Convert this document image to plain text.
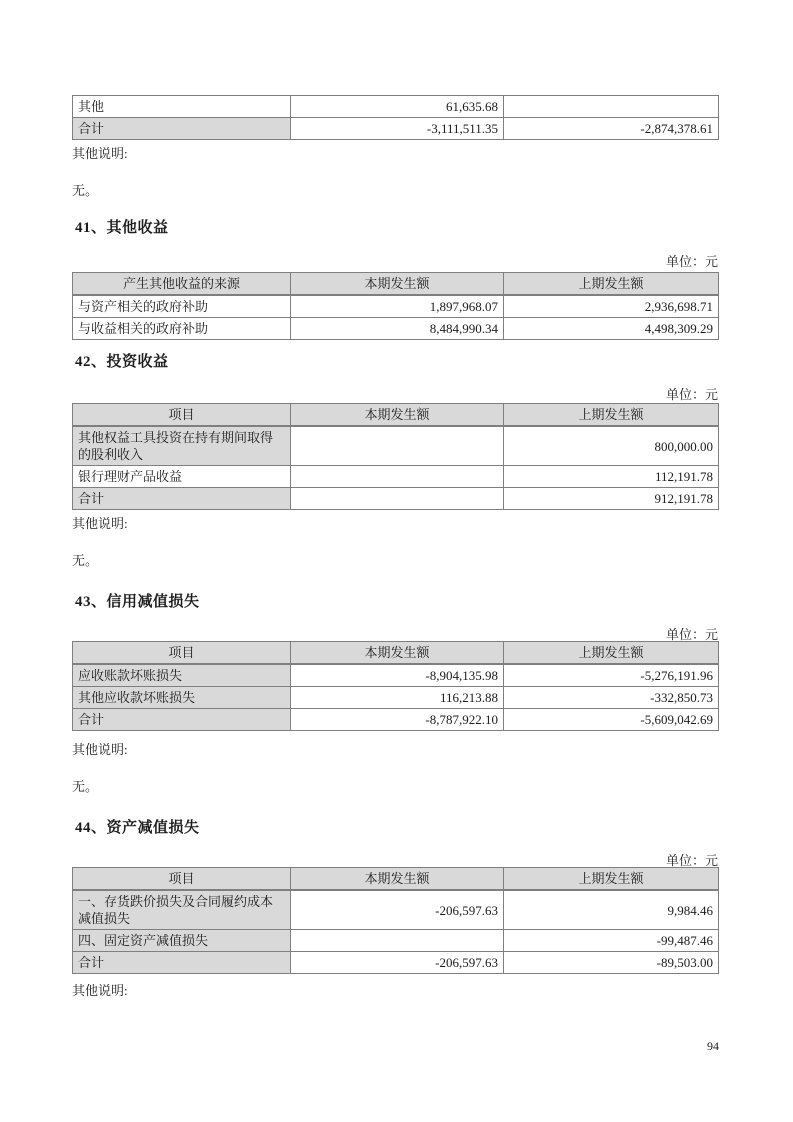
其他	61,635.68	
合计	-3,111,511.35	-2,874,378.61
其他说明:
无。
41、其他收益
单位：元
产生其他收益的来源	本期发生额	上期发生额
与资产相关的政府补助	1,897,968.07	2,936,698.71
与收益相关的政府补助	8,484,990.34	4,498,309.29
42、投资收益
单位：元
项目	本期发生额	上期发生额
其他权益工具投资在持有期间取得的股利收入		800,000.00
银行理财产品收益		112,191.78
合计		912,191.78
其他说明:
无。
43、信用减值损失
单位：元
项目	本期发生额	上期发生额
应收账款坏账损失	-8,904,135.98	-5,276,191.96
其他应收款坏账损失	116,213.88	-332,850.73
合计	-8,787,922.10	-5,609,042.69
其他说明:
无。
44、资产减值损失
单位：元
项目	本期发生额	上期发生额
一、存货跌价损失及合同履约成本减值损失	-206,597.63	9,984.46
四、固定资产减值损失		-99,487.46
合计	-206,597.63	-89,503.00
其他说明:
94
